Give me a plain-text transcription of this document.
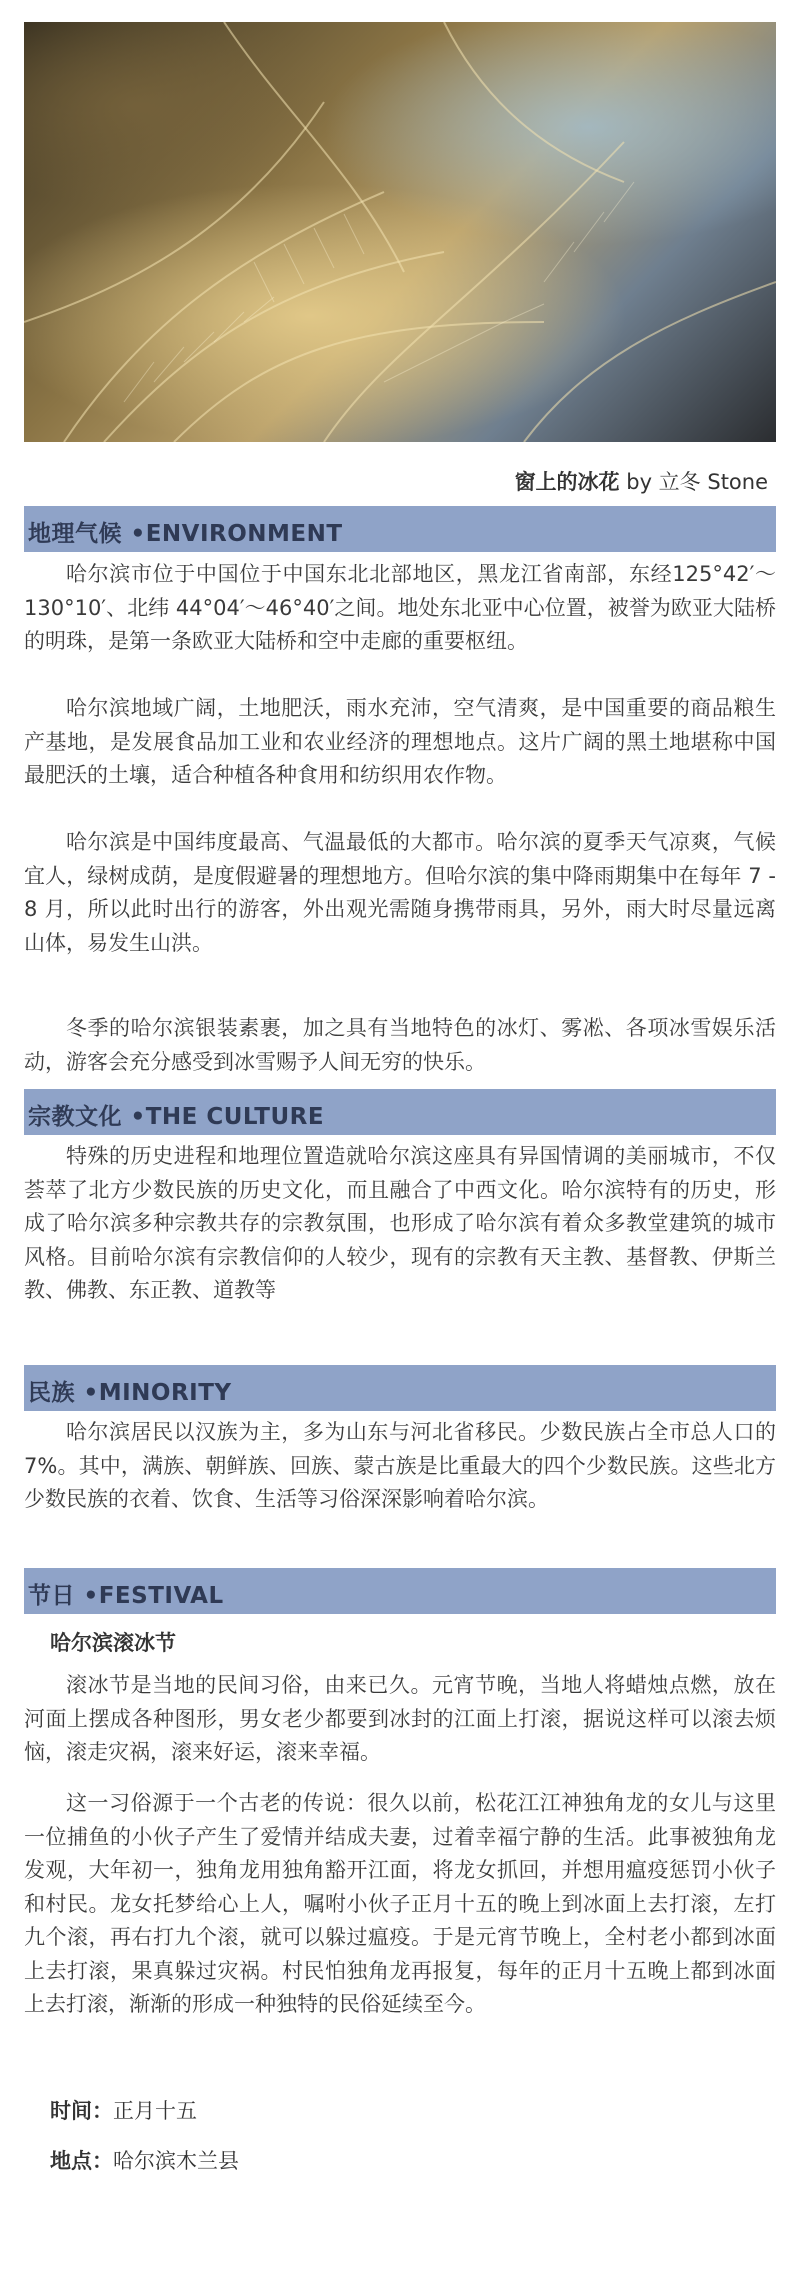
窗上的冰花 by 立冬 Stone
地理气候 •ENVIRONMENT

哈尔滨市位于中国位于中国东北北部地区，黑龙江省南部，东经125°42′～130°10′、北纬 44°04′～46°40′之间。地处东北亚中心位置，被誉为欧亚大陆桥的明珠，是第一条欧亚大陆桥和空中走廊的重要枢纽。

哈尔滨地域广阔，土地肥沃，雨水充沛，空气清爽，是中国重要的商品粮生产基地，是发展食品加工业和农业经济的理想地点。这片广阔的黑土地堪称中国最肥沃的土壤，适合种植各种食用和纺织用农作物。

哈尔滨是中国纬度最高、气温最低的大都市。哈尔滨的夏季天气凉爽，气候宜人，绿树成荫，是度假避暑的理想地方。但哈尔滨的集中降雨期集中在每年 7 - 8 月，所以此时出行的游客，外出观光需随身携带雨具，另外，雨大时尽量远离山体，易发生山洪。

冬季的哈尔滨银装素裹，加之具有当地特色的冰灯、雾凇、各项冰雪娱乐活动，游客会充分感受到冰雪赐予人间无穷的快乐。

宗教文化 •THE CULTURE

特殊的历史进程和地理位置造就哈尔滨这座具有异国情调的美丽城市，不仅荟萃了北方少数民族的历史文化，而且融合了中西文化。哈尔滨特有的历史，形成了哈尔滨多种宗教共存的宗教氛围，也形成了哈尔滨有着众多教堂建筑的城市风格。目前哈尔滨有宗教信仰的人较少，现有的宗教有天主教、基督教、伊斯兰教、佛教、东正教、道教等

民族 •MINORITY

哈尔滨居民以汉族为主，多为山东与河北省移民。少数民族占全市总人口的 7%。其中，满族、朝鲜族、回族、蒙古族是比重最大的四个少数民族。这些北方少数民族的衣着、饮食、生活等习俗深深影响着哈尔滨。

节日 •FESTIVAL
哈尔滨滚冰节

滚冰节是当地的民间习俗，由来已久。元宵节晚，当地人将蜡烛点燃，放在河面上摆成各种图形，男女老少都要到冰封的江面上打滚，据说这样可以滚去烦恼，滚走灾祸，滚来好运，滚来幸福。

这一习俗源于一个古老的传说：很久以前，松花江江神独角龙的女儿与这里一位捕鱼的小伙子产生了爱情并结成夫妻，过着幸福宁静的生活。此事被独角龙发观，大年初一，独角龙用独角豁开江面，将龙女抓回，并想用瘟疫惩罚小伙子和村民。龙女托梦给心上人，嘱咐小伙子正月十五的晚上到冰面上去打滚，左打九个滚，再右打九个滚，就可以躲过瘟疫。于是元宵节晚上，全村老小都到冰面上去打滚，果真躲过灾祸。村民怕独角龙再报复，每年的正月十五晚上都到冰面上去打滚，渐渐的形成一种独特的民俗延续至今。

时间：正月十五
地点：哈尔滨木兰县
